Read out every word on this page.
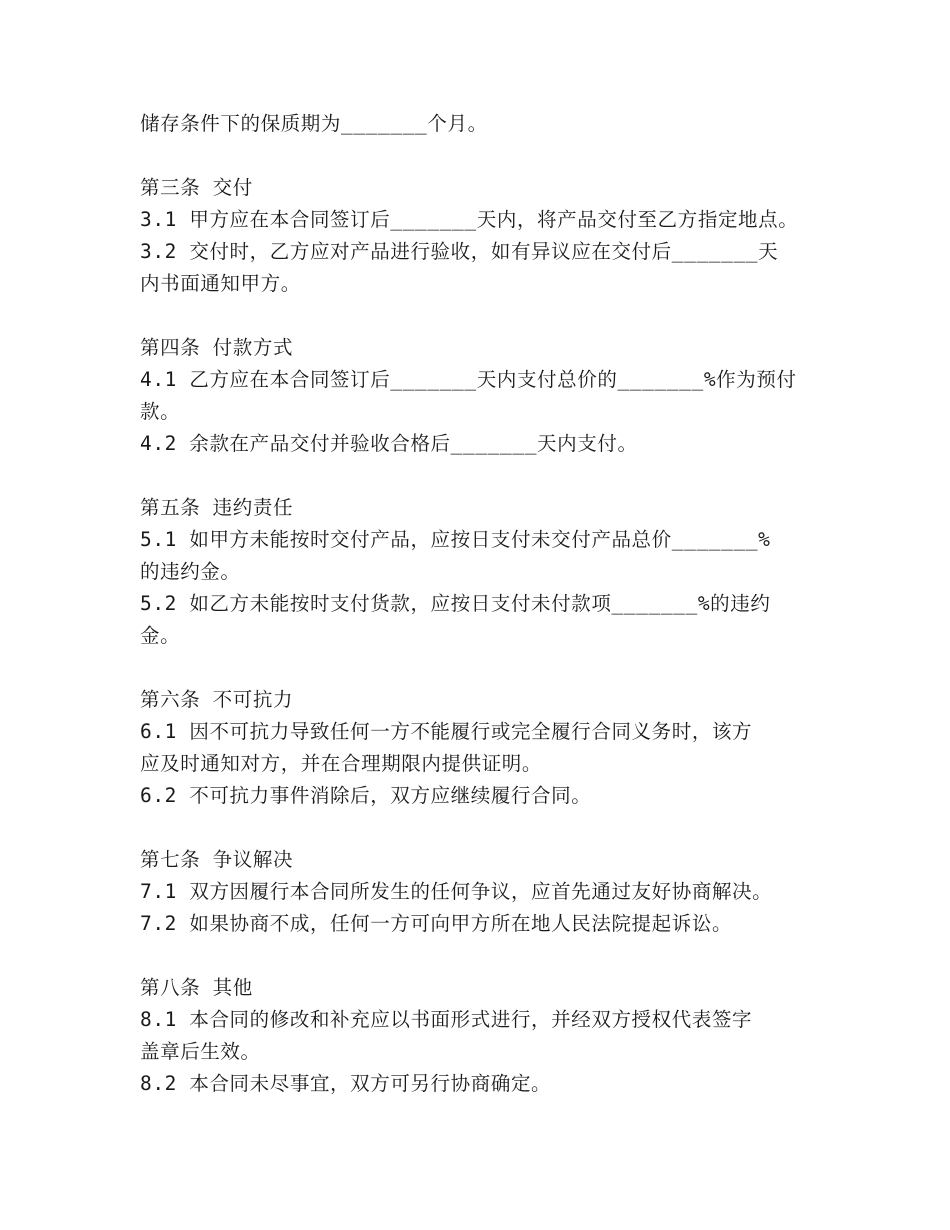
储存条件下的保质期为_______个月。
第三条 交付
3.1 甲方应在本合同签订后_______天内，将产品交付至乙方指定地点。
3.2 交付时，乙方应对产品进行验收，如有异议应在交付后_______天
内书面通知甲方。
第四条 付款方式
4.1 乙方应在本合同签订后_______天内支付总价的_______%作为预付
款。
4.2 余款在产品交付并验收合格后_______天内支付。
第五条 违约责任
5.1 如甲方未能按时交付产品，应按日支付未交付产品总价_______%
的违约金。
5.2 如乙方未能按时支付货款，应按日支付未付款项_______%的违约
金。
第六条 不可抗力
6.1 因不可抗力导致任何一方不能履行或完全履行合同义务时，该方
应及时通知对方，并在合理期限内提供证明。
6.2 不可抗力事件消除后，双方应继续履行合同。
第七条 争议解决
7.1 双方因履行本合同所发生的任何争议，应首先通过友好协商解决。
7.2 如果协商不成，任何一方可向甲方所在地人民法院提起诉讼。
第八条 其他
8.1 本合同的修改和补充应以书面形式进行，并经双方授权代表签字
盖章后生效。
8.2 本合同未尽事宜，双方可另行协商确定。
